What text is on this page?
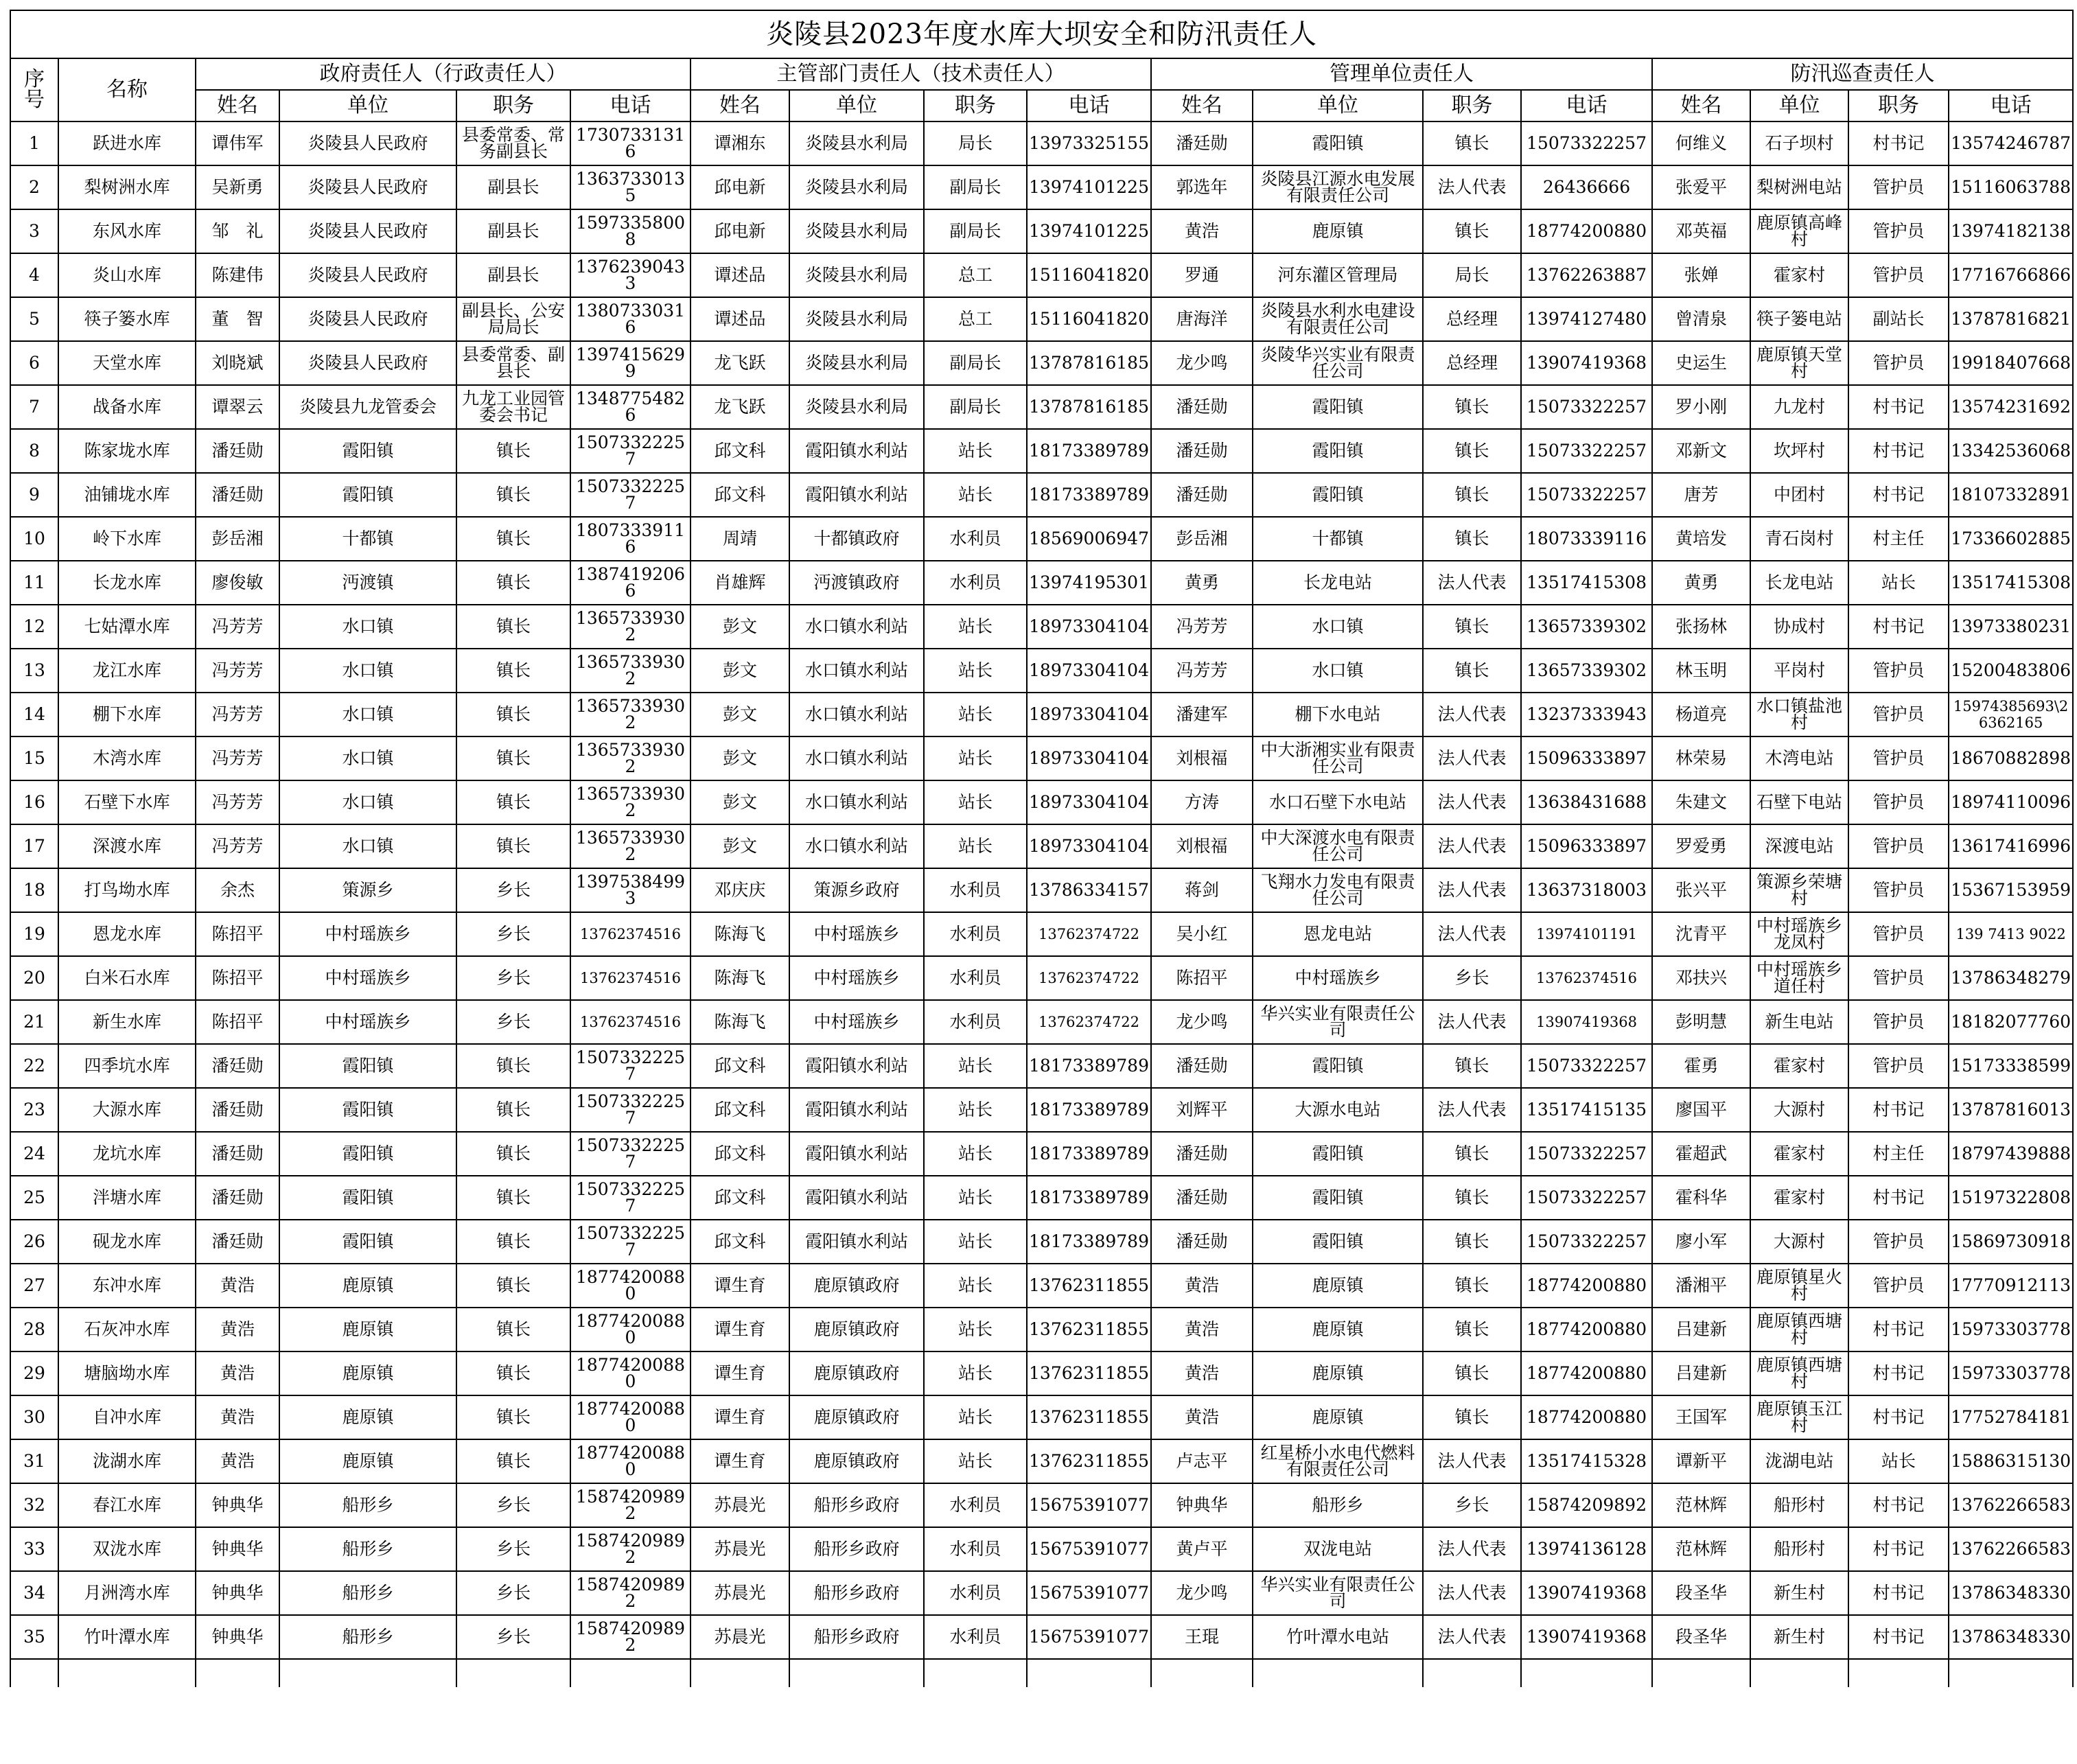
炎陵县2023年度水库大坝安全和防汛责任人																	
序号	名称	政府责任人（行政责任人）				主管部门责任人（技术责任人）				管理单位责任人				防汛巡查责任人			
		姓名	单位	职务	电话	姓名	单位	职务	电话	姓名	单位	职务	电话	姓名	单位	职务	电话
1	跃进水库	谭伟军	炎陵县人民政府	县委常委、常务副县长	17307331316	谭湘东	炎陵县水利局	局长	13973325155	潘廷勋	霞阳镇	镇长	15073322257	何维义	石子坝村	村书记	13574246787
2	梨树洲水库	吴新勇	炎陵县人民政府	副县长	13637330135	邱电新	炎陵县水利局	副局长	13974101225	郭选年	炎陵县江源水电发展有限责任公司	法人代表	26436666	张爱平	梨树洲电站	管护员	15116063788
3	东风水库	邹　礼	炎陵县人民政府	副县长	15973358008	邱电新	炎陵县水利局	副局长	13974101225	黄浩	鹿原镇	镇长	18774200880	邓英福	鹿原镇高峰村	管护员	13974182138
4	炎山水库	陈建伟	炎陵县人民政府	副县长	13762390433	谭述品	炎陵县水利局	总工	15116041820	罗通	河东灌区管理局	局长	13762263887	张婵	霍家村	管护员	17716766866
5	筷子篓水库	董　智	炎陵县人民政府	副县长、公安局局长	13807330316	谭述品	炎陵县水利局	总工	15116041820	唐海洋	炎陵县水利水电建设有限责任公司	总经理	13974127480	曾清泉	筷子篓电站	副站长	13787816821
6	天堂水库	刘晓斌	炎陵县人民政府	县委常委、副县长	13974156299	龙飞跃	炎陵县水利局	副局长	13787816185	龙少鸣	炎陵华兴实业有限责任公司	总经理	13907419368	史运生	鹿原镇天堂村	管护员	19918407668
7	战备水库	谭翠云	炎陵县九龙管委会	九龙工业园管委会书记	13487754826	龙飞跃	炎陵县水利局	副局长	13787816185	潘廷勋	霞阳镇	镇长	15073322257	罗小刚	九龙村	村书记	13574231692
8	陈家垅水库	潘廷勋	霞阳镇	镇长	15073322257	邱文科	霞阳镇水利站	站长	18173389789	潘廷勋	霞阳镇	镇长	15073322257	邓新文	坎坪村	村书记	13342536068
9	油铺垅水库	潘廷勋	霞阳镇	镇长	15073322257	邱文科	霞阳镇水利站	站长	18173389789	潘廷勋	霞阳镇	镇长	15073322257	唐芳	中团村	村书记	18107332891
10	岭下水库	彭岳湘	十都镇	镇长	18073339116	周靖	十都镇政府	水利员	18569006947	彭岳湘	十都镇	镇长	18073339116	黄培发	青石岗村	村主任	17336602885
11	长龙水库	廖俊敏	沔渡镇	镇长	13874192066	肖雄辉	沔渡镇政府	水利员	13974195301	黄勇	长龙电站	法人代表	13517415308	黄勇	长龙电站	站长	13517415308
12	七姑潭水库	冯芳芳	水口镇	镇长	13657339302	彭文	水口镇水利站	站长	18973304104	冯芳芳	水口镇	镇长	13657339302	张扬林	协成村	村书记	13973380231
13	龙江水库	冯芳芳	水口镇	镇长	13657339302	彭文	水口镇水利站	站长	18973304104	冯芳芳	水口镇	镇长	13657339302	林玉明	平岗村	管护员	15200483806
14	棚下水库	冯芳芳	水口镇	镇长	13657339302	彭文	水口镇水利站	站长	18973304104	潘建军	棚下水电站	法人代表	13237333943	杨道亮	水口镇盐池村	管护员	15974385693\26362165
15	木湾水库	冯芳芳	水口镇	镇长	13657339302	彭文	水口镇水利站	站长	18973304104	刘根福	中大浙湘实业有限责任公司	法人代表	15096333897	林荣易	木湾电站	管护员	18670882898
16	石壁下水库	冯芳芳	水口镇	镇长	13657339302	彭文	水口镇水利站	站长	18973304104	方涛	水口石壁下水电站	法人代表	13638431688	朱建文	石壁下电站	管护员	18974110096
17	深渡水库	冯芳芳	水口镇	镇长	13657339302	彭文	水口镇水利站	站长	18973304104	刘根福	中大深渡水电有限责任公司	法人代表	15096333897	罗爱勇	深渡电站	管护员	13617416996
18	打鸟坳水库	余杰	策源乡	乡长	13975384993	邓庆庆	策源乡政府	水利员	13786334157	蒋剑	飞翔水力发电有限责任公司	法人代表	13637318003	张兴平	策源乡荣塘村	管护员	15367153959
19	恩龙水库	陈招平	中村瑶族乡	乡长	13762374516	陈海飞	中村瑶族乡	水利员	13762374722	吴小红	恩龙电站	法人代表	13974101191	沈青平	中村瑶族乡龙凤村	管护员	139 7413 9022
20	白米石水库	陈招平	中村瑶族乡	乡长	13762374516	陈海飞	中村瑶族乡	水利员	13762374722	陈招平	中村瑶族乡	乡长	13762374516	邓扶兴	中村瑶族乡道任村	管护员	13786348279
21	新生水库	陈招平	中村瑶族乡	乡长	13762374516	陈海飞	中村瑶族乡	水利员	13762374722	龙少鸣	华兴实业有限责任公司	法人代表	13907419368	彭明慧	新生电站	管护员	18182077760
22	四季坑水库	潘廷勋	霞阳镇	镇长	15073322257	邱文科	霞阳镇水利站	站长	18173389789	潘廷勋	霞阳镇	镇长	15073322257	霍勇	霍家村	管护员	15173338599
23	大源水库	潘廷勋	霞阳镇	镇长	15073322257	邱文科	霞阳镇水利站	站长	18173389789	刘辉平	大源水电站	法人代表	13517415135	廖国平	大源村	村书记	13787816013
24	龙坑水库	潘廷勋	霞阳镇	镇长	15073322257	邱文科	霞阳镇水利站	站长	18173389789	潘廷勋	霞阳镇	镇长	15073322257	霍超武	霍家村	村主任	18797439888
25	泮塘水库	潘廷勋	霞阳镇	镇长	15073322257	邱文科	霞阳镇水利站	站长	18173389789	潘廷勋	霞阳镇	镇长	15073322257	霍科华	霍家村	村书记	15197322808
26	砚龙水库	潘廷勋	霞阳镇	镇长	15073322257	邱文科	霞阳镇水利站	站长	18173389789	潘廷勋	霞阳镇	镇长	15073322257	廖小军	大源村	管护员	15869730918
27	东冲水库	黄浩	鹿原镇	镇长	18774200880	谭生育	鹿原镇政府	站长	13762311855	黄浩	鹿原镇	镇长	18774200880	潘湘平	鹿原镇星火村	管护员	17770912113
28	石灰冲水库	黄浩	鹿原镇	镇长	18774200880	谭生育	鹿原镇政府	站长	13762311855	黄浩	鹿原镇	镇长	18774200880	吕建新	鹿原镇西塘村	村书记	15973303778
29	塘脑坳水库	黄浩	鹿原镇	镇长	18774200880	谭生育	鹿原镇政府	站长	13762311855	黄浩	鹿原镇	镇长	18774200880	吕建新	鹿原镇西塘村	村书记	15973303778
30	自冲水库	黄浩	鹿原镇	镇长	18774200880	谭生育	鹿原镇政府	站长	13762311855	黄浩	鹿原镇	镇长	18774200880	王国军	鹿原镇玉江村	村书记	17752784181
31	泷湖水库	黄浩	鹿原镇	镇长	18774200880	谭生育	鹿原镇政府	站长	13762311855	卢志平	红星桥小水电代燃料有限责任公司	法人代表	13517415328	谭新平	泷湖电站	站长	15886315130
32	春江水库	钟典华	船形乡	乡长	15874209892	苏晨光	船形乡政府	水利员	15675391077	钟典华	船形乡	乡长	15874209892	范林辉	船形村	村书记	13762266583
33	双泷水库	钟典华	船形乡	乡长	15874209892	苏晨光	船形乡政府	水利员	15675391077	黄卢平	双泷电站	法人代表	13974136128	范林辉	船形村	村书记	13762266583
34	月洲湾水库	钟典华	船形乡	乡长	15874209892	苏晨光	船形乡政府	水利员	15675391077	龙少鸣	华兴实业有限责任公司	法人代表	13907419368	段圣华	新生村	村书记	13786348330
35	竹叶潭水库	钟典华	船形乡	乡长	15874209892	苏晨光	船形乡政府	水利员	15675391077	王琨	竹叶潭水电站	法人代表	13907419368	段圣华	新生村	村书记	13786348330
